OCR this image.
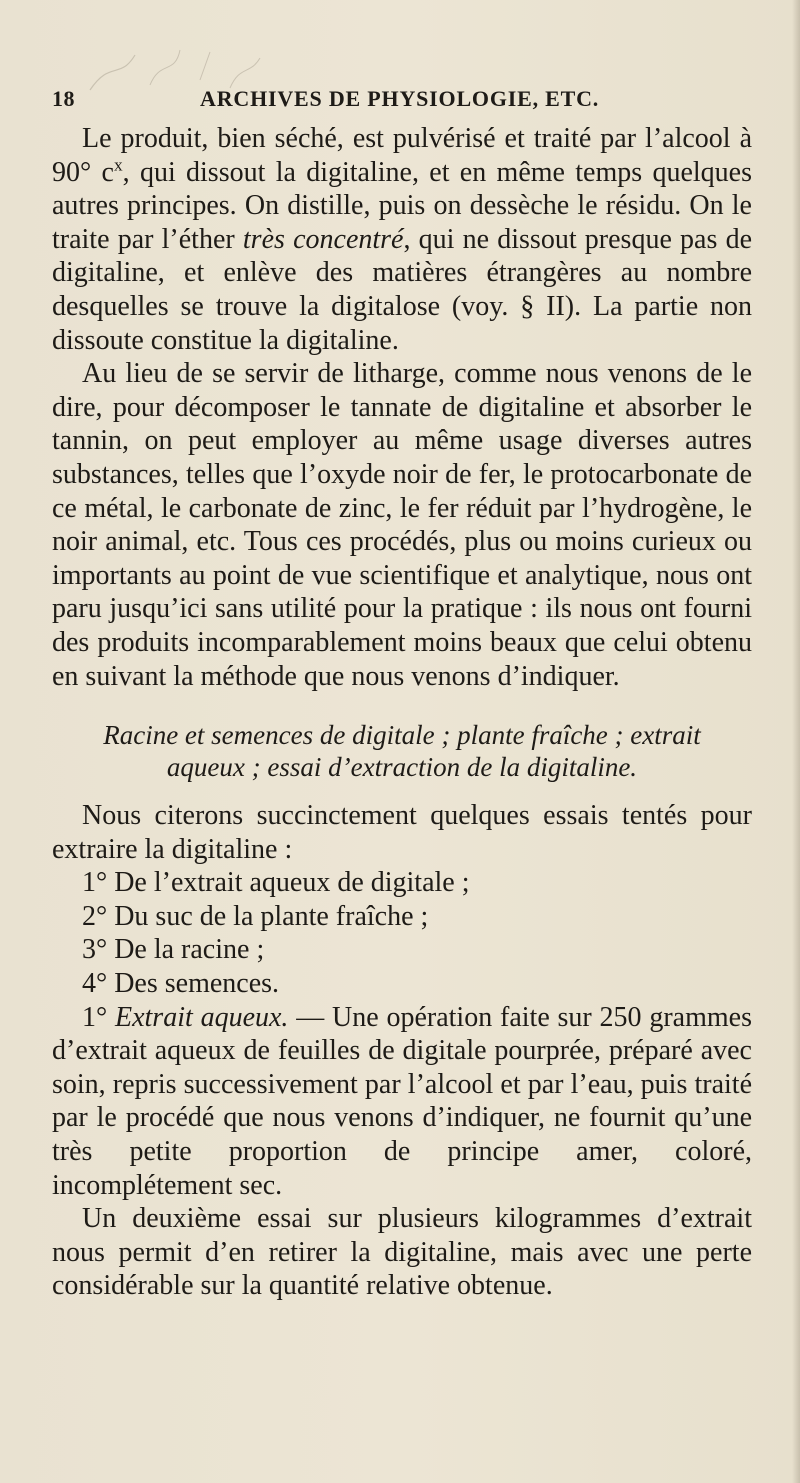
18	ARCHIVES DE PHYSIOLOGIE, ETC.

Le produit, bien séché, est pulvérisé et traité par l’alcool à 90° $c^x$, qui dissout la digitaline, et en même temps quelques autres principes. On distille, puis on dessèche le résidu. On le traite par l’éther très concentré, qui ne dissout presque pas de digitaline, et enlève des matières étrangères au nombre desquelles se trouve la digitalose (voy. § II). La partie non dissoute constitue la digitaline.

Au lieu de se servir de litharge, comme nous venons de le dire, pour décomposer le tannate de digitaline et absorber le tannin, on peut employer au même usage diverses autres substances, telles que l’oxyde noir de fer, le protocarbonate de ce métal, le carbonate de zinc, le fer réduit par l’hydrogène, le noir animal, etc. Tous ces procédés, plus ou moins curieux ou importants au point de vue scientifique et analytique, nous ont paru jusqu’ici sans utilité pour la pratique : ils nous ont fourni des produits incomparablement moins beaux que celui obtenu en suivant la méthode que nous venons d’indiquer.

Racine et semences de digitale ; plante fraîche ; extrait
aqueux ; essai d’extraction de la digitaline.

Nous citerons succinctement quelques essais tentés pour extraire la digitaline :

1° De l’extrait aqueux de digitale ;

2° Du suc de la plante fraîche ;

3° De la racine ;

4° Des semences.

1° Extrait aqueux. — Une opération faite sur 250 grammes d’extrait aqueux de feuilles de digitale pourprée, préparé avec soin, repris successivement par l’alcool et par l’eau, puis traité par le procédé que nous venons d’indiquer, ne fournit qu’une très petite proportion de principe amer, coloré, incomplétement sec.

Un deuxième essai sur plusieurs kilogrammes d’extrait nous permit d’en retirer la digitaline, mais avec une perte considérable sur la quantité relative obtenue.
